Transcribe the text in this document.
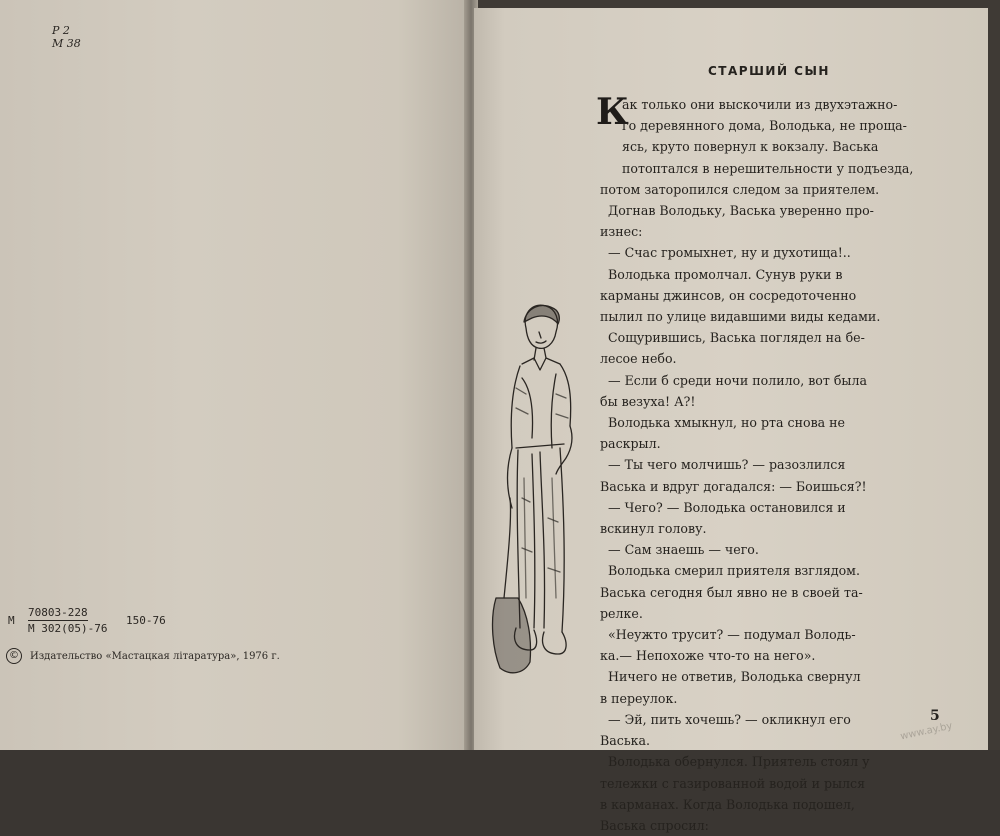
Р 2
М 38
М
70803-228
М 302(05)-76
150-76
©	Издательство «Мастацкая літаратура», 1976 г.
СТАРШИЙ СЫН
К
ак только они выскочили из двухэтажно-
го деревянного дома, Володька, не проща-
ясь, круто повернул к вокзалу. Васька
потоптался в нерешительности у подъезда,
потом заторопился следом за приятелем.
Догнав Володьку, Васька уверенно про-
изнес:
— Счас громыхнет, ну и духотища!..
Володька промолчал. Сунув руки в
карманы джинсов, он сосредоточенно
пылил по улице видавшими виды кедами.
Сощурившись, Васька поглядел на бе-
лесое небо.
— Если б среди ночи полило, вот была
бы везуха! А?!
Володька хмыкнул, но рта снова не
раскрыл.
— Ты чего молчишь? — разозлился
Васька и вдруг догадался: — Боишься?!
— Чего? — Володька остановился и
вскинул голову.
— Сам знаешь — чего.
Володька смерил приятеля взглядом.
Васька сегодня был явно не в своей та-
релке.
«Неужто трусит? — подумал Володь-
ка.— Непохоже что-то на него».
Ничего не ответив, Володька свернул
в переулок.
— Эй, пить хочешь? — окликнул его
Васька.
Володька обернулся. Приятель стоял у
тележки с газированной водой и рылся
в карманах. Когда Володька подошел,
Васька спросил:
5
www.ay.by
